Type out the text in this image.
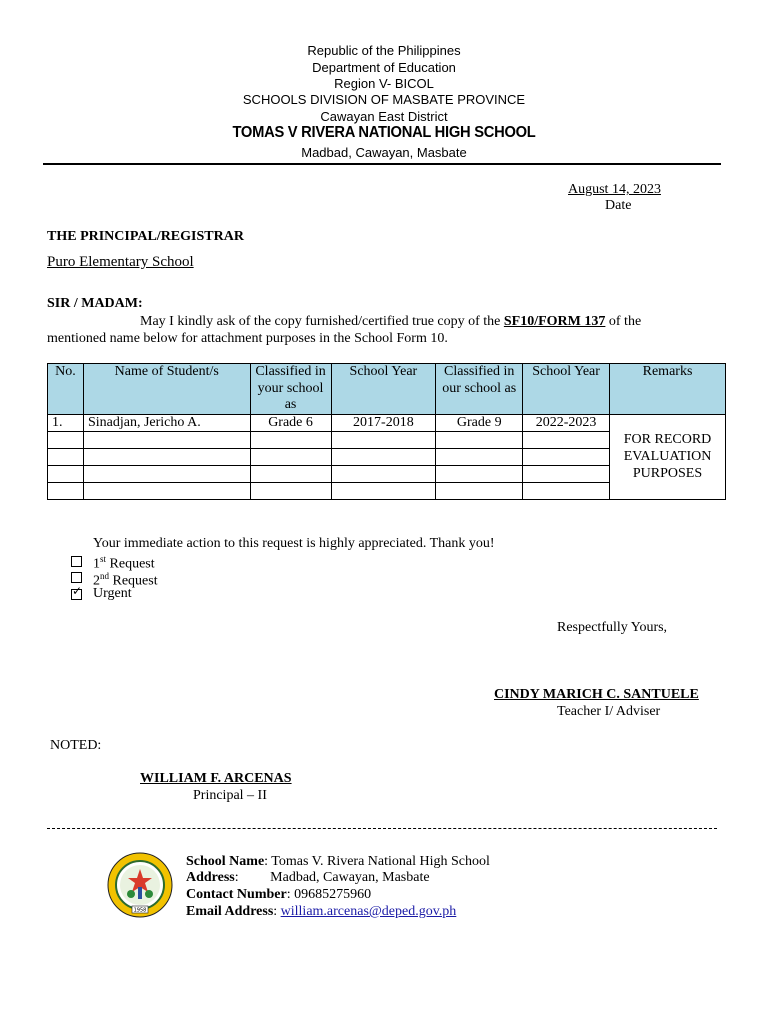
Republic of the Philippines
Department of Education
Region V- BICOL
SCHOOLS DIVISION OF MASBATE PROVINCE
Cawayan East District
TOMAS V RIVERA NATIONAL HIGH SCHOOL
Madbad, Cawayan, Masbate
August 14, 2023
Date
THE PRINCIPAL/REGISTRAR
Puro Elementary School
SIR / MADAM:
May I kindly ask of the copy furnished/certified true copy of the SF10/FORM 137 of the
mentioned name below for attachment purposes in the School Form 10.
No.	Name of Student/s	Classified in your school as	School Year	Classified in our school as	School Year	Remarks
1.	Sinadjan, Jericho A.	Grade 6	2017-2018	Grade 9	2022-2023	FOR RECORD EVALUATION PURPOSES

Your immediate action to this request is highly appreciated. Thank you!
1st Request
2nd Request
✓ Urgent
Respectfully Yours,
CINDY MARICH C. SANTUELE
Teacher I/ Adviser
NOTED:
WILLIAM F. ARCENAS
Principal – II
1958
School Name: Tomas V. Rivera National High School
Address:         Madbad, Cawayan, Masbate
Contact Number: 09685275960
Email Address: william.arcenas@deped.gov.ph
